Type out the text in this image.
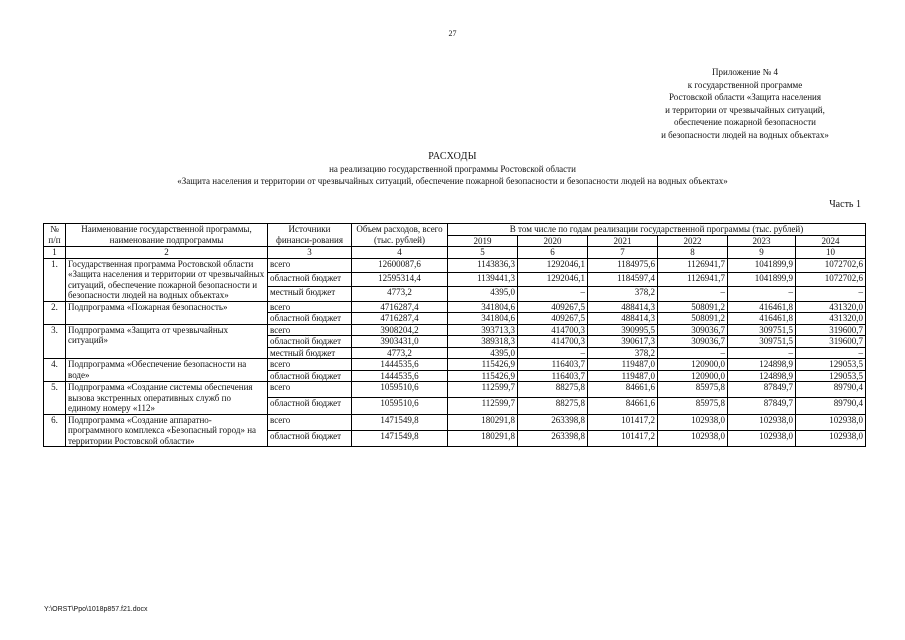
27
Приложение № 4
к государственной программе
Ростовской области «Защита населения
и территории от чрезвычайных ситуаций,
обеспечение пожарной безопасности
и безопасности людей на водных объектах»
РАСХОДЫ
на реализацию государственной программы Ростовской области
«Защита населения и территории от чрезвычайных ситуаций, обеспечение пожарной безопасности и безопасности людей на водных объектах»
Часть 1
№ п/п	Наименование государственной программы, наименование подпрограммы	Источники финанси-рования	Объем расходов, всего (тыс. рублей)	В том числе по годам реализации государственной программы (тыс. рублей)					
				2019	2020	2021	2022	2023	2024
1	2	3	4	5	6	7	8	9	10
1.	Государственная программа Ростовской области «Защита населения и территории от чрезвычайных ситуаций, обеспечение пожарной безопасности и безопасности людей на водных объектах»	всего	12600087,6	1143836,3	1292046,1	1184975,6	1126941,7	1041899,9	1072702,6
		областной бюджет	12595314,4	1139441,3	1292046,1	1184597,4	1126941,7	1041899,9	1072702,6
		местный бюджет	4773,2	4395,0	–	378,2	–	–	–
2.	Подпрограмма «Пожарная безопасность»	всего	4716287,4	341804,6	409267,5	488414,3	508091,2	416461,8	431320,0
		областной бюджет	4716287,4	341804,6	409267,5	488414,3	508091,2	416461,8	431320,0
3.	Подпрограмма «Защита от чрезвычайных ситуаций»	всего	3908204,2	393713,3	414700,3	390995,5	309036,7	309751,5	319600,7
		областной бюджет	3903431,0	389318,3	414700,3	390617,3	309036,7	309751,5	319600,7
		местный бюджет	4773,2	4395,0	–	378,2	–	–	–
4.	Подпрограмма «Обеспечение безопасности на воде»	всего	1444535,6	115426,9	116403,7	119487,0	120900,0	124898,9	129053,5
		областной бюджет	1444535,6	115426,9	116403,7	119487,0	120900,0	124898,9	129053,5
5.	Подпрограмма «Создание системы обеспечения вызова экстренных оперативных служб по единому номеру «112»	всего	1059510,6	112599,7	88275,8	84661,6	85975,8	87849,7	89790,4
		областной бюджет	1059510,6	112599,7	88275,8	84661,6	85975,8	87849,7	89790,4
6.	Подпрограмма «Создание аппаратно-программного комплекса «Безопасный город» на территории Ростовской области»	всего	1471549,8	180291,8	263398,8	101417,2	102938,0	102938,0	102938,0
		областной бюджет	1471549,8	180291,8	263398,8	101417,2	102938,0	102938,0	102938,0
Y:\ORST\Ppo\1018p857.f21.docx
